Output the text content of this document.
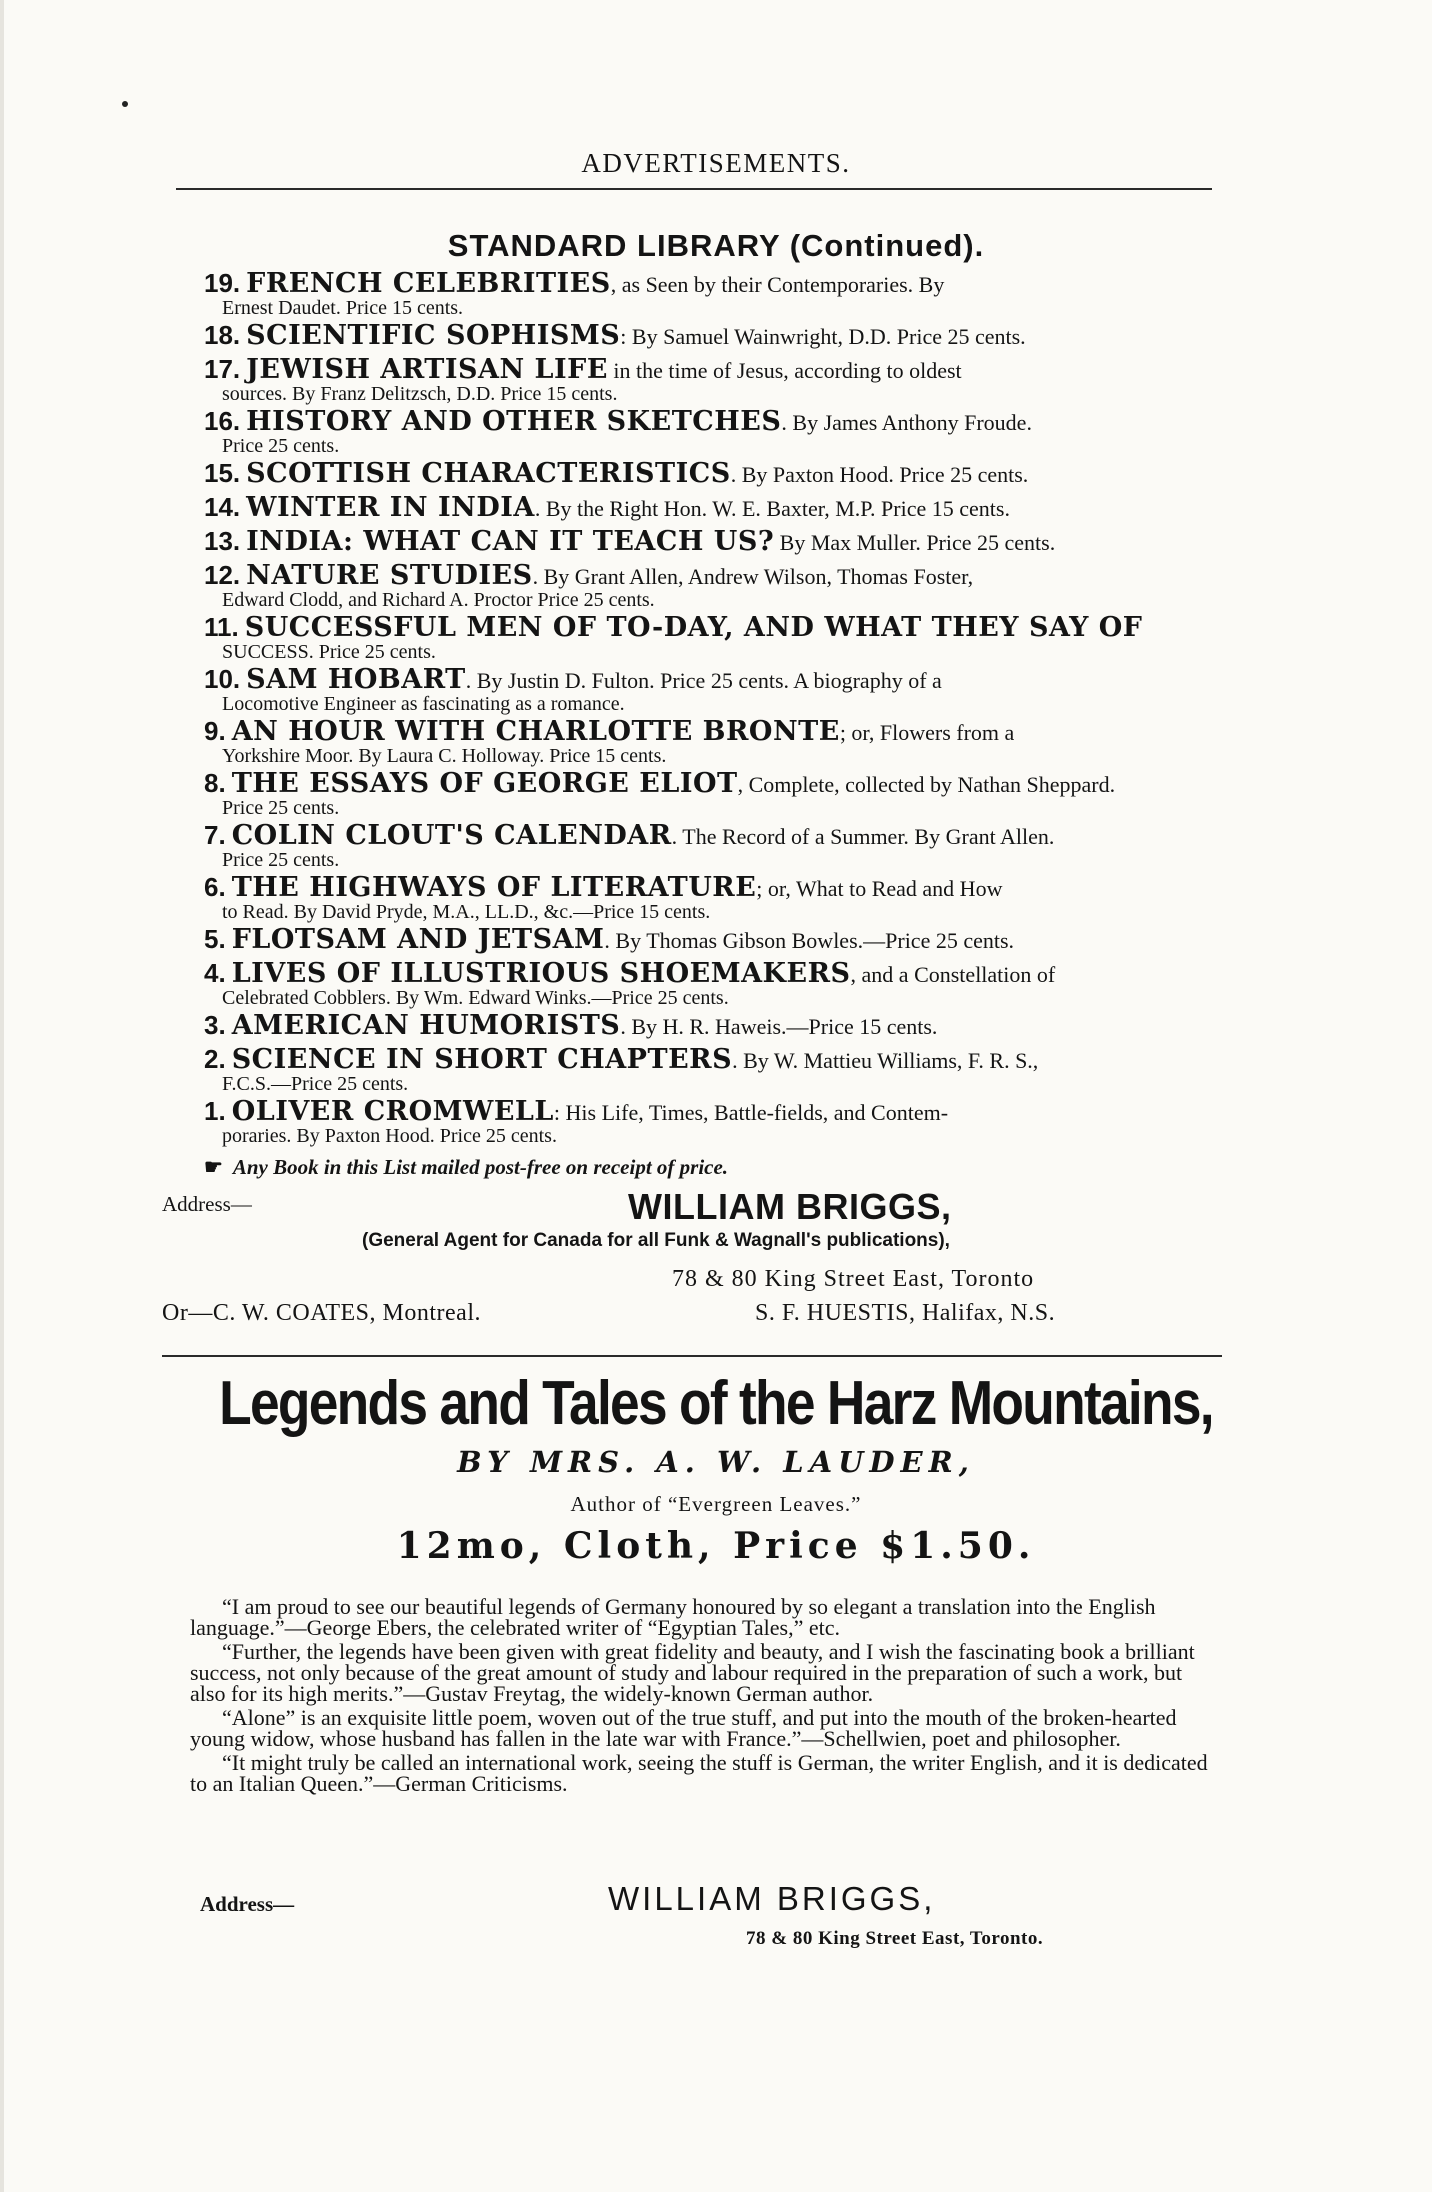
ADVERTISEMENTS.
STANDARD LIBRARY (Continued).
19. FRENCH CELEBRITIES, as Seen by their Contemporaries. By
Ernest Daudet. Price 15 cents.
18. SCIENTIFIC SOPHISMS: By Samuel Wainwright, D.D. Price 25 cents.
17. JEWISH ARTISAN LIFE in the time of Jesus, according to oldest
sources. By Franz Delitzsch, D.D. Price 15 cents.
16. HISTORY AND OTHER SKETCHES. By James Anthony Froude.
Price 25 cents.
15. SCOTTISH CHARACTERISTICS. By Paxton Hood. Price 25 cents.
14. WINTER IN INDIA. By the Right Hon. W. E. Baxter, M.P. Price 15 cents.
13. INDIA: WHAT CAN IT TEACH US? By Max Muller. Price 25 cents.
12. NATURE STUDIES. By Grant Allen, Andrew Wilson, Thomas Foster,
Edward Clodd, and Richard A. Proctor Price 25 cents.
11. SUCCESSFUL MEN OF TO-DAY, AND WHAT THEY SAY OF
SUCCESS. Price 25 cents.
10. SAM HOBART. By Justin D. Fulton. Price 25 cents. A biography of a
Locomotive Engineer as fascinating as a romance.
9. AN HOUR WITH CHARLOTTE BRONTE; or, Flowers from a
Yorkshire Moor. By Laura C. Holloway. Price 15 cents.
8. THE ESSAYS OF GEORGE ELIOT, Complete, collected by Nathan Sheppard.
Price 25 cents.
7. COLIN CLOUT'S CALENDAR. The Record of a Summer. By Grant Allen.
Price 25 cents.
6. THE HIGHWAYS OF LITERATURE; or, What to Read and How
to Read. By David Pryde, M.A., LL.D., &c.—Price 15 cents.
5. FLOTSAM AND JETSAM. By Thomas Gibson Bowles.—Price 25 cents.
4. LIVES OF ILLUSTRIOUS SHOEMAKERS, and a Constellation of
Celebrated Cobblers. By Wm. Edward Winks.—Price 25 cents.
3. AMERICAN HUMORISTS. By H. R. Haweis.—Price 15 cents.
2. SCIENCE IN SHORT CHAPTERS. By W. Mattieu Williams, F. R. S.,
F.C.S.—Price 25 cents.
1. OLIVER CROMWELL: His Life, Times, Battle-fields, and Contem-
poraries. By Paxton Hood. Price 25 cents.
☛ Any Book in this List mailed post-free on receipt of price.
Address—	WILLIAM BRIGGS,
(General Agent for Canada for all Funk & Wagnall's publications),
78 & 80 King Street East, Toronto
Or—C. W. COATES, Montreal.	S. F. HUESTIS, Halifax, N.S.
Legends and Tales of the Harz Mountains,
BY MRS. A. W. LAUDER,
Author of “Evergreen Leaves.”
12mo, Cloth, Price $1.50.

“I am proud to see our beautiful legends of Germany honoured by so elegant a translation into the English language.”—George Ebers, the celebrated writer of “Egyptian Tales,” etc.

“Further, the legends have been given with great fidelity and beauty, and I wish the fascinating book a brilliant success, not only because of the great amount of study and labour required in the preparation of such a work, but also for its high merits.”—Gustav Freytag, the widely-known German author.

“Alone” is an exquisite little poem, woven out of the true stuff, and put into the mouth of the broken-hearted young widow, whose husband has fallen in the late war with France.”—Schellwien, poet and philosopher.

“It might truly be called an international work, seeing the stuff is German, the writer English, and it is dedicated to an Italian Queen.”—German Criticisms.

Address—	WILLIAM BRIGGS,
78 & 80 King Street East, Toronto.
